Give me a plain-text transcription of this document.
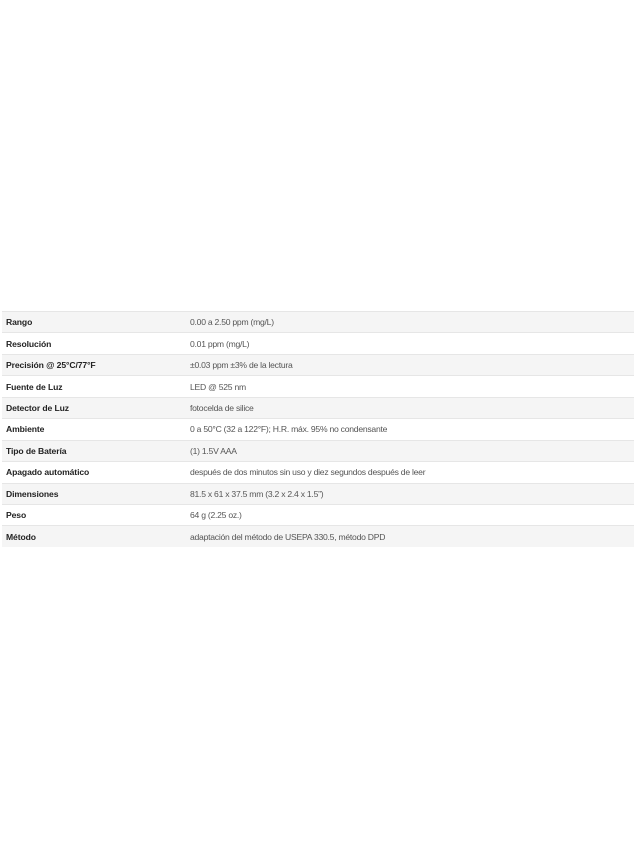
Rango	0.00 a 2.50 ppm (mg/L)
Resolución	0.01 ppm (mg/L)
Precisión @ 25°C/77°F	±0.03 ppm ±3% de la lectura
Fuente de Luz	LED @ 525 nm
Detector de Luz	fotocelda de silice
Ambiente	0 a 50°C (32 a 122°F); H.R. máx. 95% no condensante
Tipo de Batería	(1) 1.5V AAA
Apagado automático	después de dos minutos sin uso y diez segundos después de leer
Dimensiones	81.5 x 61 x 37.5 mm (3.2 x 2.4 x 1.5”)
Peso	64 g (2.25 oz.)
Método	adaptación del método de USEPA 330.5, método DPD
